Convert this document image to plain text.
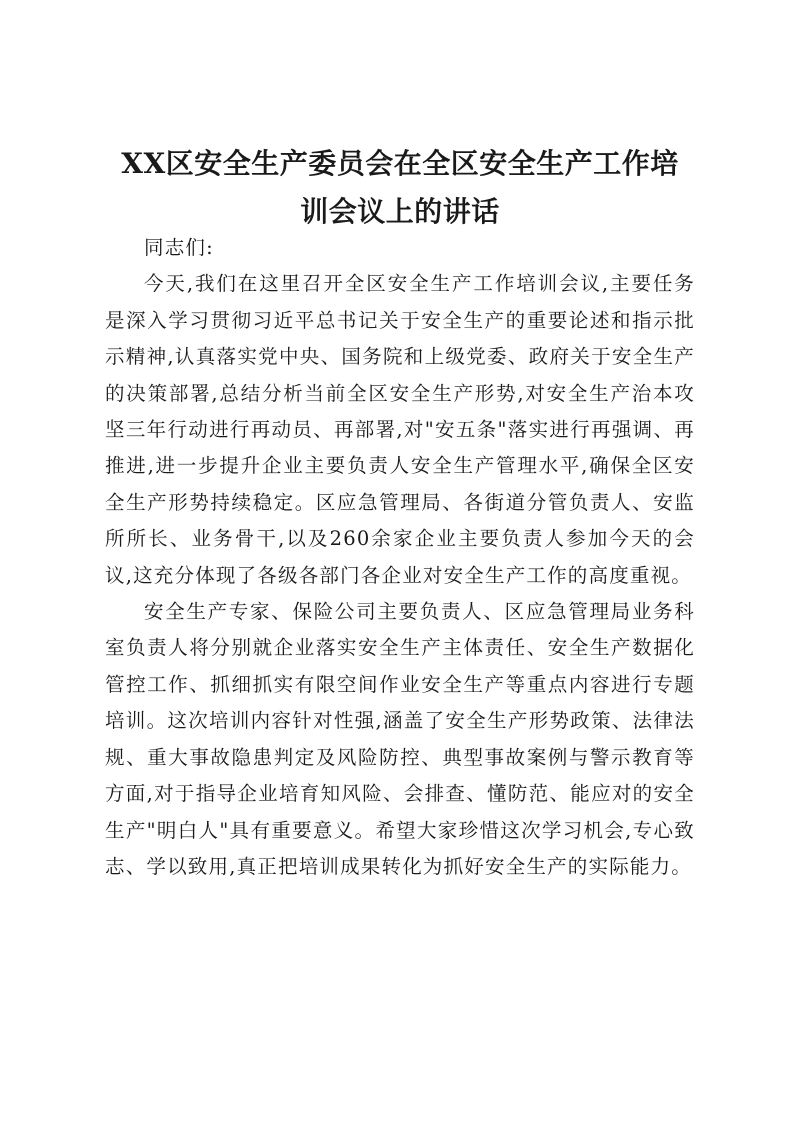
XX区安全生产委员会在全区安全生产工作培
训会议上的讲话

同志们:

今天,我们在这里召开全区安全生产工作培训会议,主要任务是深入学习贯彻习近平总书记关于安全生产的重要论述和指示批示精神,认真落实党中央、国务院和上级党委、政府关于安全生产的决策部署,总结分析当前全区安全生产形势,对安全生产治本攻坚三年行动进行再动员、再部署,对"安五条"落实进行再强调、再推进,进一步提升企业主要负责人安全生产管理水平,确保全区安全生产形势持续稳定。区应急管理局、各街道分管负责人、安监所所长、业务骨干,以及260余家企业主要负责人参加今天的会议,这充分体现了各级各部门各企业对安全生产工作的高度重视。

安全生产专家、保险公司主要负责人、区应急管理局业务科室负责人将分别就企业落实安全生产主体责任、安全生产数据化管控工作、抓细抓实有限空间作业安全生产等重点内容进行专题培训。这次培训内容针对性强,涵盖了安全生产形势政策、法律法规、重大事故隐患判定及风险防控、典型事故案例与警示教育等方面,对于指导企业培育知风险、会排查、懂防范、能应对的安全生产"明白人"具有重要意义。希望大家珍惜这次学习机会,专心致志、学以致用,真正把培训成果转化为抓好安全生产的实际能力。
